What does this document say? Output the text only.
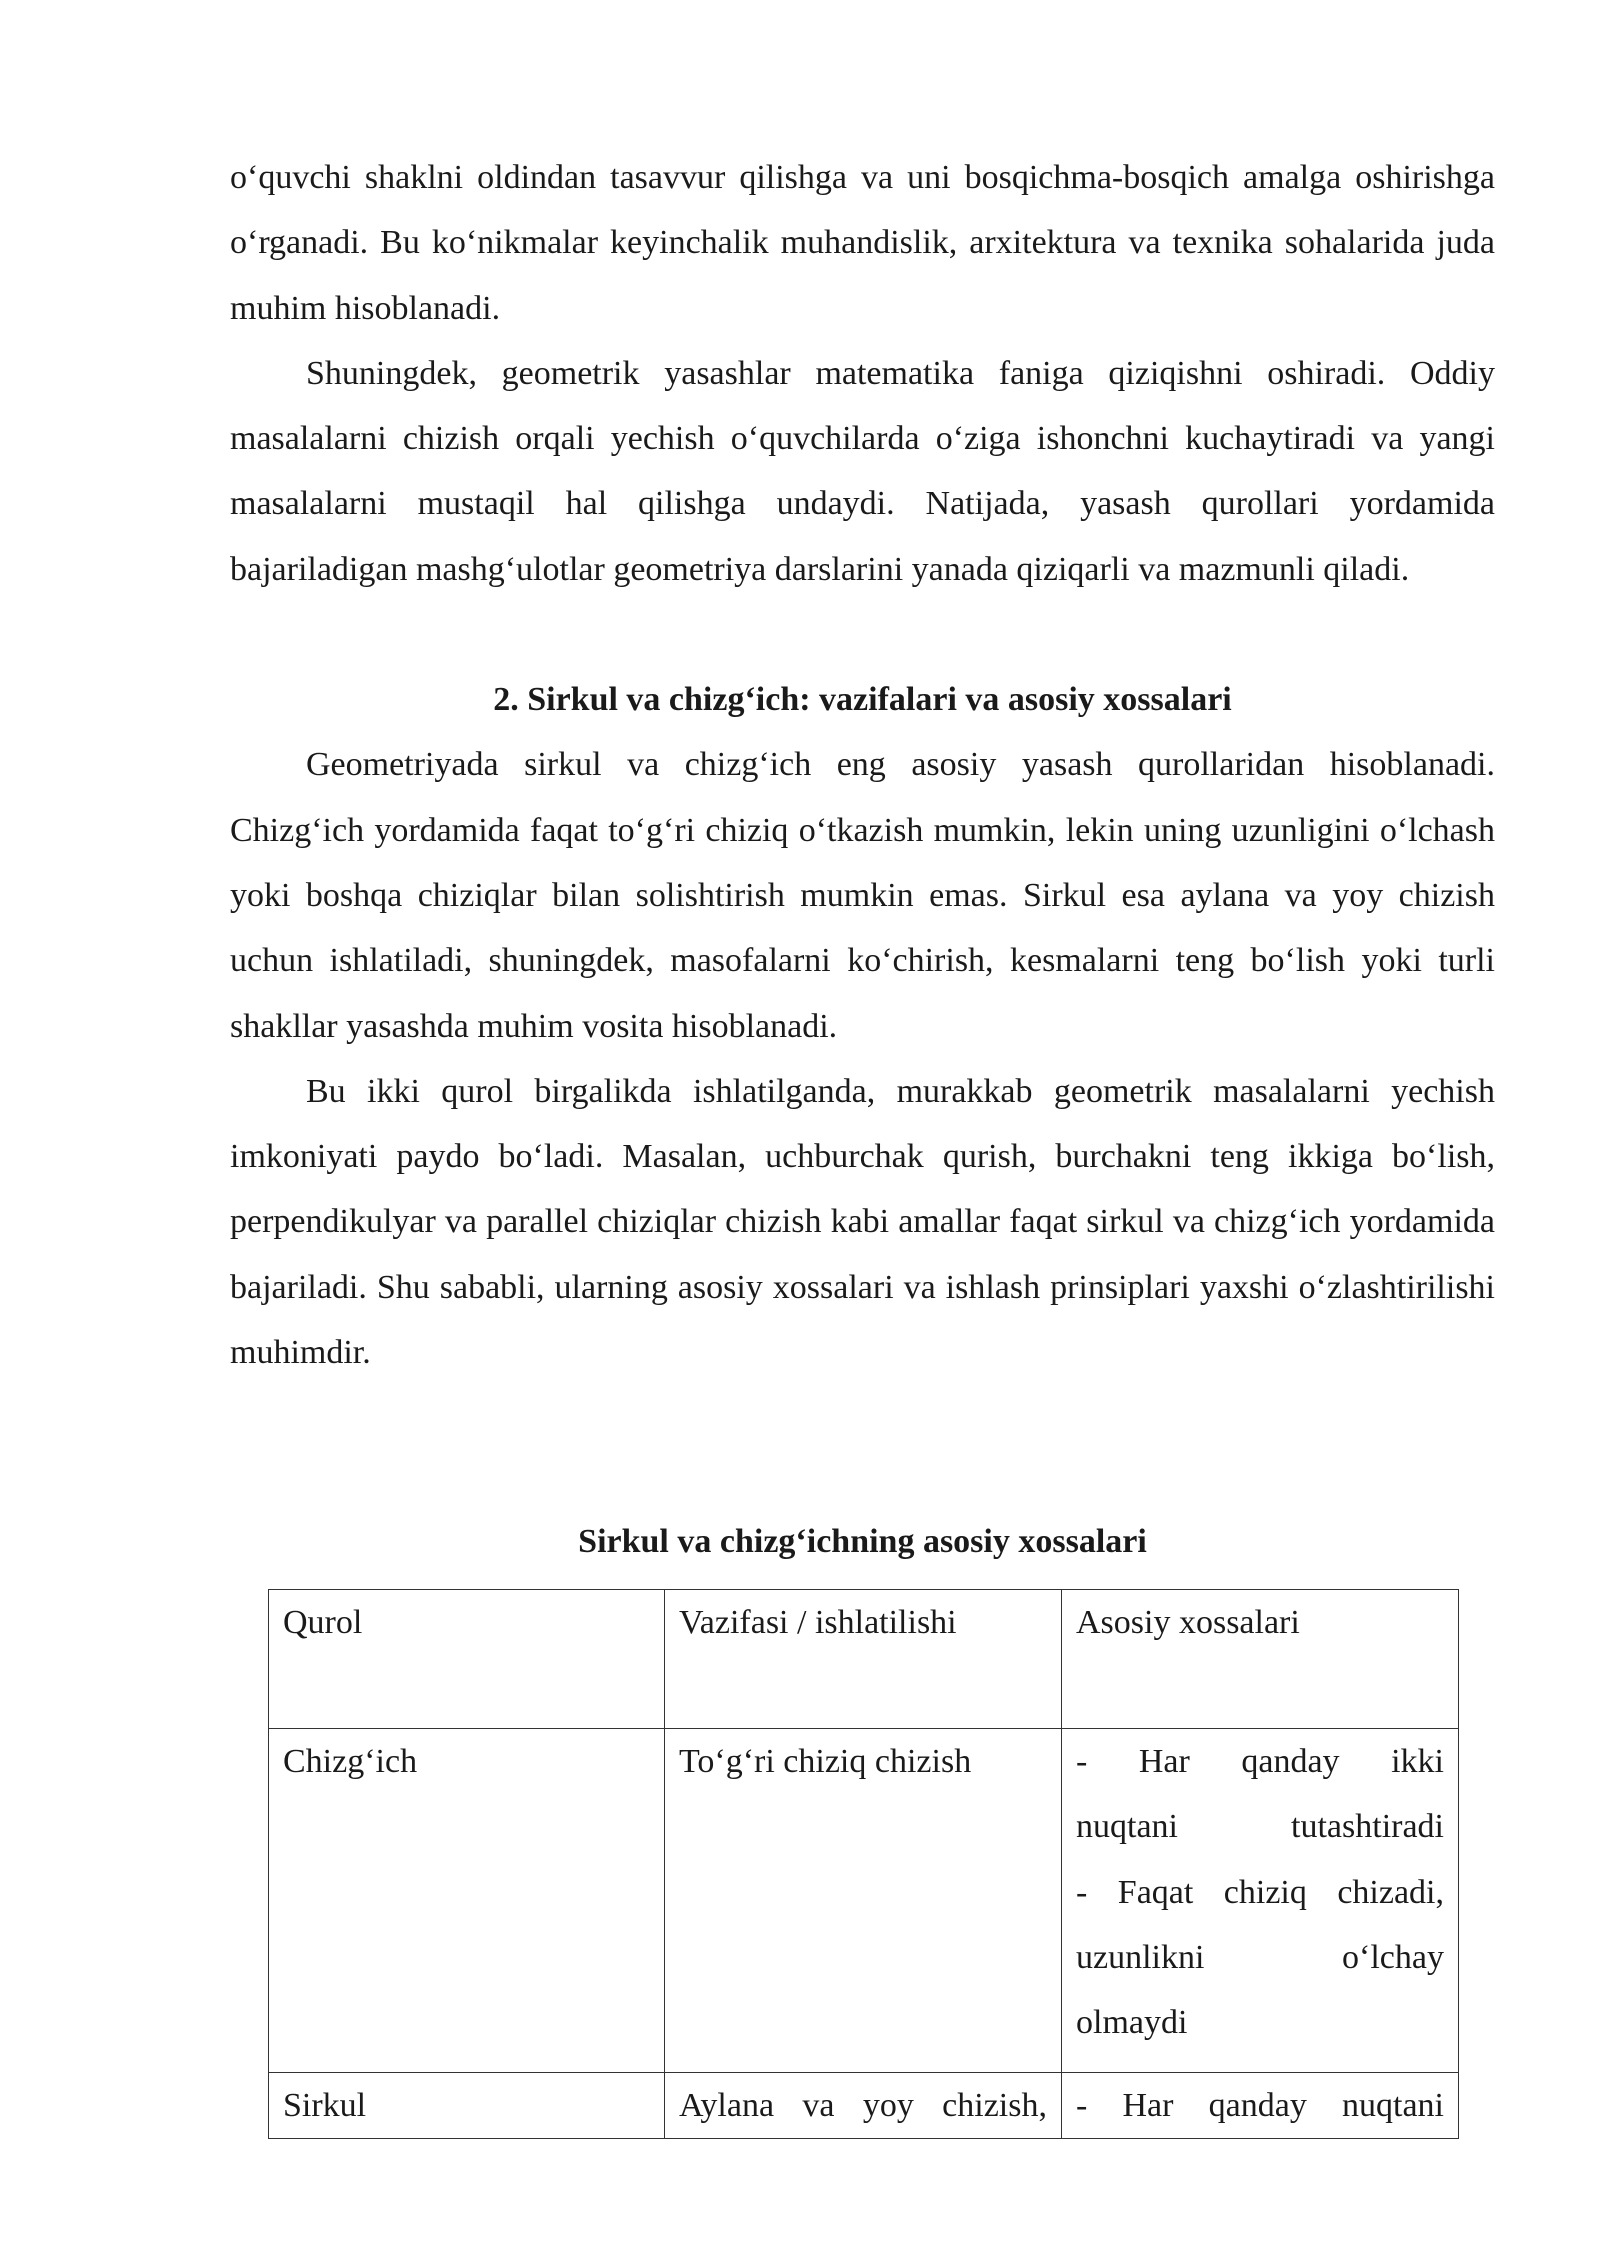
o‘quvchi shaklni oldindan tasavvur qilishga va uni bosqichma-bosqich amalga oshirishga o‘rganadi. Bu ko‘nikmalar keyinchalik muhandislik, arxitektura va texnika sohalarida juda muhim hisoblanadi.

Shuningdek, geometrik yasashlar matematika faniga qiziqishni oshiradi. Oddiy masalalarni chizish orqali yechish o‘quvchilarda o‘ziga ishonchni kuchaytiradi va yangi masalalarni mustaqil hal qilishga undaydi. Natijada, yasash qurollari yordamida bajariladigan mashg‘ulotlar geometriya darslarini yanada qiziqarli va mazmunli qiladi.

2. Sirkul va chizg‘ich: vazifalari va asosiy xossalari

Geometriyada sirkul va chizg‘ich eng asosiy yasash qurollaridan hisoblanadi. Chizg‘ich yordamida faqat to‘g‘ri chiziq o‘tkazish mumkin, lekin uning uzunligini o‘lchash yoki boshqa chiziqlar bilan solishtirish mumkin emas. Sirkul esa aylana va yoy chizish uchun ishlatiladi, shuningdek, masofalarni ko‘chirish, kesmalarni teng bo‘lish yoki turli shakllar yasashda muhim vosita hisoblanadi.

Bu ikki qurol birgalikda ishlatilganda, murakkab geometrik masalalarni yechish imkoniyati paydo bo‘ladi. Masalan, uchburchak qurish, burchakni teng ikkiga bo‘lish, perpendikulyar va parallel chiziqlar chizish kabi amallar faqat sirkul va chizg‘ich yordamida bajariladi. Shu sababli, ularning asosiy xossalari va ishlash prinsiplari yaxshi o‘zlashtirilishi muhimdir.

Sirkul va chizg‘ichning asosiy xossalari

Qurol	Vazifasi / ishlatilishi	Asosiy xossalari
Chizg‘ich	To‘g‘ri chiziq chizish	- Har qanday ikki
nuqtani tutashtiradi
- Faqat chiziq chizadi,
uzunlikni o‘lchay
olmaydi

Sirkul	Aylana va yoy chizish,	- Har qanday nuqtani
